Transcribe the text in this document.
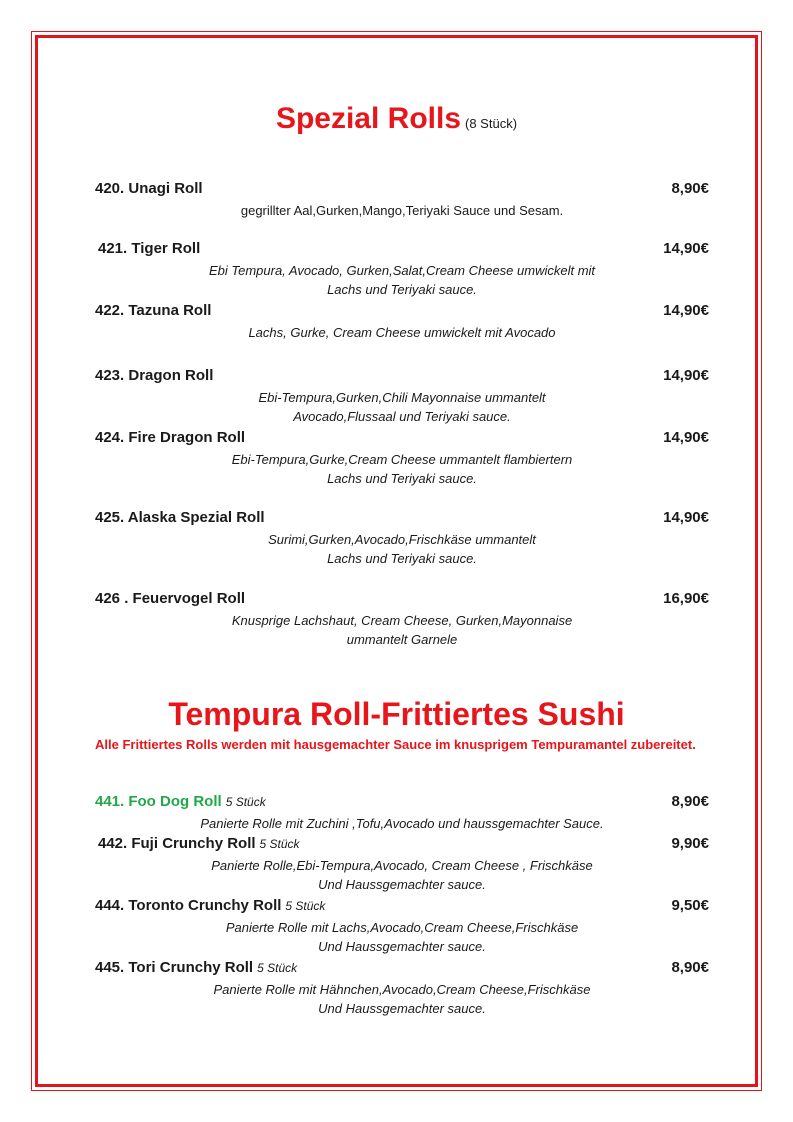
Spezial Rolls (8 Stück)
420. Unagi Roll	8,90€
gegrillter Aal,Gurken,Mango,Teriyaki Sauce und Sesam.
421. Tiger Roll	14,90€
Ebi Tempura, Avocado, Gurken,Salat,Cream Cheese umwickelt mit
Lachs und Teriyaki sauce.
422. Tazuna Roll	14,90€
Lachs, Gurke, Cream Cheese umwickelt mit Avocado
423. Dragon Roll	14,90€
Ebi-Tempura,Gurken,Chili Mayonnaise ummantelt
Avocado,Flussaal und Teriyaki sauce.
424. Fire Dragon Roll	14,90€
Ebi-Tempura,Gurke,Cream Cheese ummantelt flambiertern
Lachs und Teriyaki sauce.
425. Alaska Spezial Roll	14,90€
Surimi,Gurken,Avocado,Frischkäse ummantelt
Lachs und Teriyaki sauce.
426 . Feuervogel Roll	16,90€
Knusprige Lachshaut, Cream Cheese, Gurken,Mayonnaise
ummantelt Garnele
Tempura Roll-Frittiertes Sushi
Alle Frittiertes Rolls werden mit hausgemachter Sauce im knusprigem Tempuramantel zubereitet.
441. Foo Dog Roll 5 Stück	8,90€
Panierte Rolle mit Zuchini ,Tofu,Avocado und haussgemachter Sauce.
442. Fuji Crunchy Roll 5 Stück	9,90€
Panierte Rolle,Ebi-Tempura,Avocado, Cream Cheese , Frischkäse
Und Haussgemachter sauce.
444. Toronto Crunchy Roll 5 Stück	9,50€
Panierte Rolle mit Lachs,Avocado,Cream Cheese,Frischkäse
Und Haussgemachter sauce.
445. Tori Crunchy Roll 5 Stück	8,90€
Panierte Rolle mit Hähnchen,Avocado,Cream Cheese,Frischkäse
Und Haussgemachter sauce.
